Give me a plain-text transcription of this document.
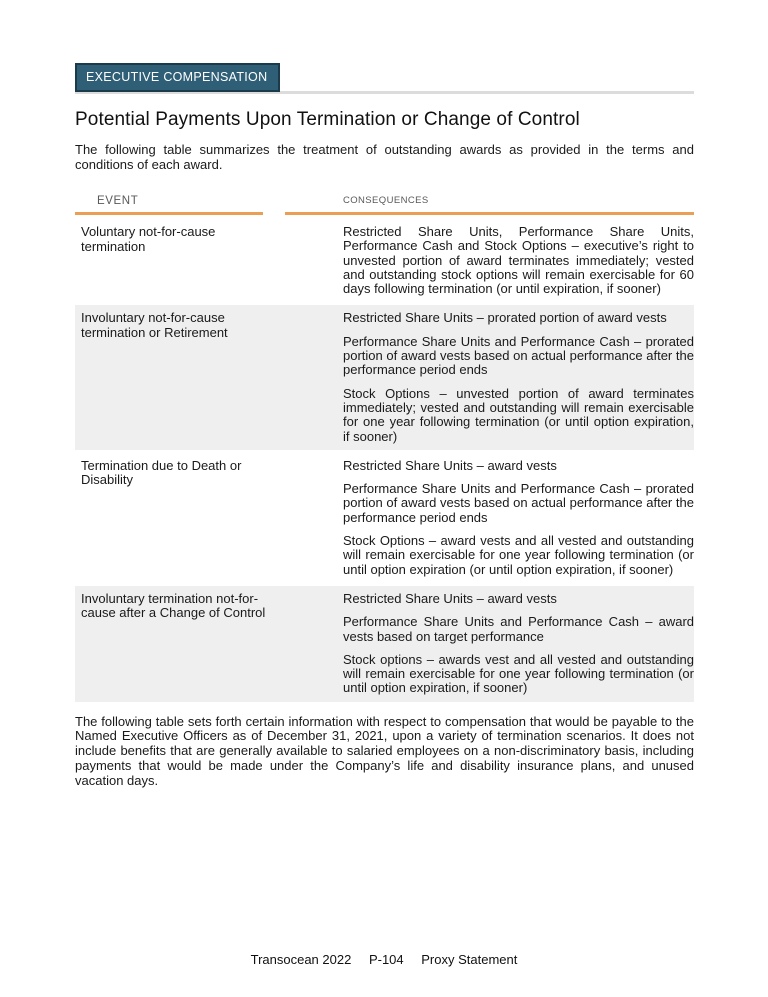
EXECUTIVE COMPENSATION
Potential Payments Upon Termination or Change of Control

The following table summarizes the treatment of outstanding awards as provided in the terms and conditions of each award.

EVENT	CONSEQUENCES
Voluntary not-for-cause termination

Restricted Share Units, Performance Share Units, Performance Cash and Stock Options – executive’s right to unvested portion of award terminates immediately; vested and outstanding stock options will remain exercisable for 60 days following termination (or until expiration, if sooner)

Involuntary not-for-cause termination or Retirement

Restricted Share Units – prorated portion of award vests

Performance Share Units and Performance Cash – prorated portion of award vests based on actual performance after the performance period ends

Stock Options – unvested portion of award terminates immediately; vested and outstanding will remain exercisable for one year following termination (or until option expiration, if sooner)

Termination due to Death or Disability

Restricted Share Units – award vests

Performance Share Units and Performance Cash – prorated portion of award vests based on actual performance after the performance period ends

Stock Options – award vests and all vested and outstanding will remain exercisable for one year following termination (or until option expiration (or until option expiration, if sooner)

Involuntary termination not-for-cause after a Change of Control

Restricted Share Units – award vests

Performance Share Units and Performance Cash – award vests based on target performance

Stock options – awards vest and all vested and outstanding will remain exercisable for one year following termination (or until option expiration, if sooner)

The following table sets forth certain information with respect to compensation that would be payable to the Named Executive Officers as of December 31, 2021, upon a variety of termination scenarios. It does not include benefits that are generally available to salaried employees on a non-discriminatory basis, including payments that would be made under the Company’s life and disability insurance plans, and unused vacation days.

Transocean 2022 P-104 Proxy Statement
